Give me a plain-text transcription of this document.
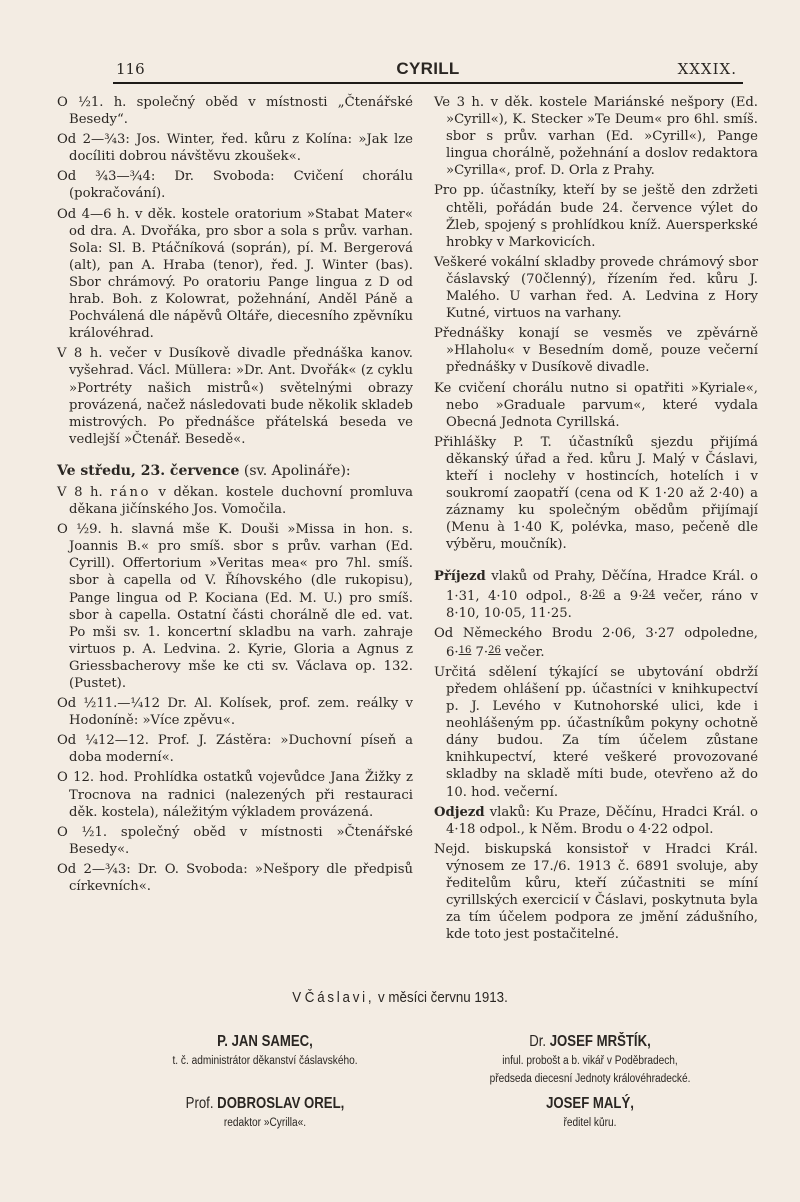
116	CYRILL	XXXIX.

O ½1. h. společný oběd v místnosti „Čtenářské Besedy“.

Od 2—¾3: Jos. Winter, řed. kůru z Kolína: »Jak lze docíliti dobrou návštěvu zkoušek«.

Od ¾3—¾4: Dr. Svoboda: Cvičení chorálu (pokračování).

Od 4—6 h. v děk. kostele oratorium »Stabat Mater« od dra. A. Dvořáka, pro sbor a sola s prův. varhan. Sola: Sl. B. Ptáčníková (soprán), pí. M. Bergerová (alt), pan A. Hraba (tenor), řed. J. Winter (bas). Sbor chrámový. Po oratoriu Pange lingua z D od hrab. Boh. z Kolowrat, požehnání, Anděl Páně a Pochválená dle nápěvů Oltáře, diecesního zpěvníku královéhrad.

V 8 h. večer v Dusíkově divadle přednáška kanov. vyšehrad. Václ. Müllera: »Dr. Ant. Dvořák« (z cyklu »Portréty našich mistrů«) světelnými obrazy provázená, načež následovati bude několik skladeb mistrových. Po přednášce přátelská beseda ve vedlejší »Čtenář. Besedě«.

Ve středu, 23. července (sv. Apolináře):

V 8 h. ráno v děkan. kostele duchovní promluva děkana jičínského Jos. Vomočila.

O ½9. h. slavná mše K. Douši »Missa in hon. s. Joannis B.« pro smíš. sbor s prův. varhan (Ed. Cyrill). Offertorium »Veritas mea« pro 7hl. smíš. sbor à capella od V. Říhovského (dle rukopisu), Pange lingua od P. Kociana (Ed. M. U.) pro smíš. sbor à capella. Ostatní části chorálně dle ed. vat. Po mši sv. 1. koncertní skladbu na varh. zahraje virtuos p. A. Ledvina. 2. Kyrie, Gloria a Agnus z Griessbacherovy mše ke cti sv. Václava op. 132. (Pustet).

Od ½11.—¼12 Dr. Al. Kolísek, prof. zem. reálky v Hodoníně: »Více zpěvu«.

Od ¼12—12. Prof. J. Zástěra: »Duchovní píseň a doba moderní«.

O 12. hod. Prohlídka ostatků vojevůdce Jana Žižky z Trocnova na radnici (nalezených při restauraci děk. kostela), náležitým výkladem provázená.

O ½1. společný oběd v místnosti »Čtenářské Besedy«.

Od 2—¾3: Dr. O. Svoboda: »Nešpory dle předpisů církevních«.

Ve 3 h. v děk. kostele Mariánské nešpory (Ed. »Cyrill«), K. Stecker »Te Deum« pro 6hl. smíš. sbor s prův. varhan (Ed. »Cyrill«), Pange lingua chorálně, požehnání a doslov redaktora »Cyrilla«, prof. D. Orla z Prahy.

Pro pp. účastníky, kteří by se ještě den zdržeti chtěli, pořádán bude 24. července výlet do Žleb, spojený s prohlídkou kníž. Auersperkské hrobky v Markovicích.

Veškeré vokální skladby provede chrámový sbor čáslavský (70členný), řízením řed. kůru J. Malého. U varhan řed. A. Ledvina z Hory Kutné, virtuos na varhany.

Přednášky konají se vesměs ve zpěvárně »Hlaholu« v Besedním domě, pouze večerní přednášky v Dusíkově divadle.

Ke cvičení chorálu nutno si opatřiti »Kyriale«, nebo »Graduale parvum«, které vydala Obecná Jednota Cyrillská.

Přihlášky P. T. účastníků sjezdu přijímá děkanský úřad a řed. kůru J. Malý v Čáslavi, kteří i noclehy v hostincích, hotelích i v soukromí zaopatří (cena od K 1·20 až 2·40) a záznamy ku společným obědům přijímají (Menu à 1·40 K, polévka, maso, pečeně dle výběru, moučník).

Příjezd vlaků od Prahy, Děčína, Hradce Král. o 1·31, 4·10 odpol., 8·$^{26}$ a 9·$^{24}$ večer, ráno v 8·10, 10·05, 11·25.

Od Německého Brodu 2·06, 3·27 odpoledne, 6·$^{16}$ 7·$^{26}$ večer.

Určitá sdělení týkající se ubytování obdrží předem ohlášení pp. účastníci v knihkupectví p. J. Levého v Kutnohorské ulici, kde i neohlášeným pp. účastníkům pokyny ochotně dány budou. Za tím účelem zůstane knihkupectví, které veškeré provozované skladby na skladě míti bude, otevřeno až do 10. hod. večerní.

Odjezd vlaků: Ku Praze, Děčínu, Hradci Král. o 4·18 odpol., k Něm. Brodu o 4·22 odpol.

Nejd. biskupská konsistoř v Hradci Král. výnosem ze 17./6. 1913 č. 6891 svoluje, aby ředitelům kůru, kteří zúčastniti se míní cyrillských exercicií v Čáslavi, poskytnuta byla za tím účelem podpora ze jmění zádušního, kde toto jest postačitelné.

V Čáslavi, v měsíci červnu 1913.
P. JAN SAMEC,
t. č. administrátor děkanství čáslavského.
Prof. DOBROSLAV OREL,
redaktor »Cyrilla«.
Dr. JOSEF MRŠTÍK,
inful. probošt a b. vikář v Poděbradech,
předseda diecesní Jednoty královéhradecké.
JOSEF MALÝ,
ředitel kůru.
